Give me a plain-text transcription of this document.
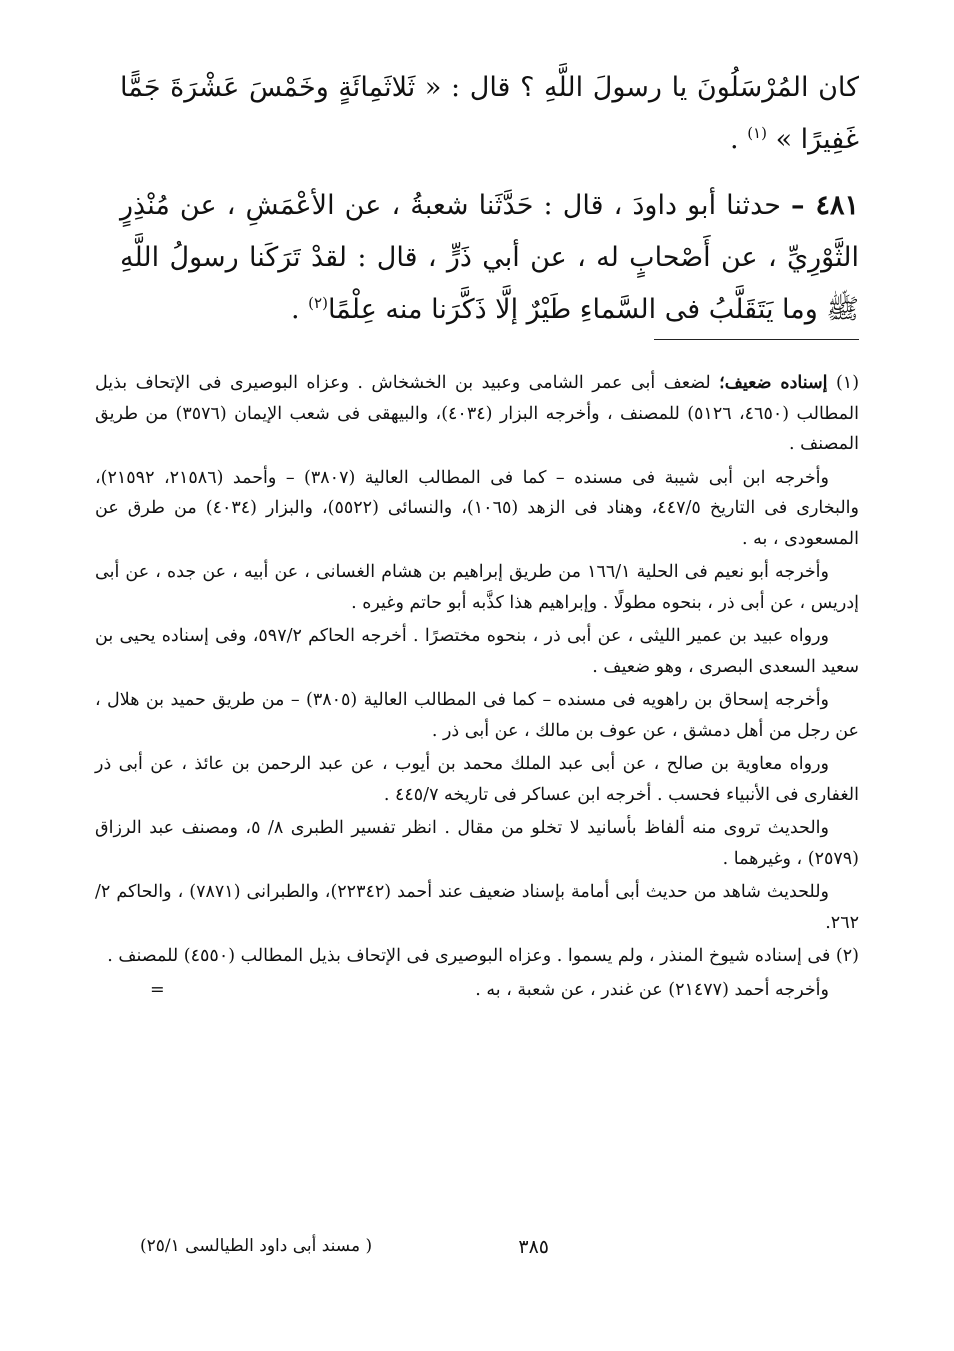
كان المُرْسَلُونَ يا رسولَ اللَّهِ ؟ قال : « ثَلاثَمِائَةٍ وخَمْسَ عَشْرَةَ جَمًّا غَفِيرًا » $^{(١)}$ .

٤٨١ – حدثنا أبو داودَ ، قال : حَدَّثَنا شعبةُ ، عن الأعْمَشِ ، عن مُنْذِرٍ الثَّوْرِيِّ ، عن أَصْحابٍ له ، عن أبي ذَرٍّ ، قال : لقدْ تَرَكَنا رسولُ اللَّهِ ﷺ وما يَتَقَلَّبُ فى السَّماءِ طَيْرٌ إلَّا ذَكَّرَنا منه عِلْمًا$^{(٢)}$ .

(١) إسناده ضعيف؛ لضعف أبى عمر الشامى وعبيد بن الخشخاش . وعزاه البوصيرى فى الإتحاف بذيل المطالب (٤٦٥٠، ٥١٢٦) للمصنف ، وأخرجه البزار (٤٠٣٤)، والبيهقى فى شعب الإيمان (٣٥٧٦) من طريق المصنف .

وأخرجه ابن أبى شيبة فى مسنده – كما فى المطالب العالية (٣٨٠٧) – وأحمد (٢١٥٨٦، ٢١٥٩٢)، والبخارى فى التاريخ ٤٤٧/٥، وهناد فى الزهد (١٠٦٥)، والنسائى (٥٥٢٢)، والبزار (٤٠٣٤) من طرق عن المسعودى ، به .

وأخرجه أبو نعيم فى الحلية ١٦٦/١ من طريق إبراهيم بن هشام الغسانى ، عن أبيه ، عن جده ، عن أبى إدريس ، عن أبى ذر ، بنحوه مطولًا . وإبراهيم هذا كذَّبه أبو حاتم وغيره .

ورواه عبيد بن عمير الليثى ، عن أبى ذر ، بنحوه مختصرًا . أخرجه الحاكم ٥٩٧/٢، وفى إسناده يحيى بن سعيد السعدى البصرى ، وهو ضعيف .

وأخرجه إسحاق بن راهويه فى مسنده – كما فى المطالب العالية (٣٨٠٥) – من طريق حميد بن هلال ، عن رجل من أهل دمشق ، عن عوف بن مالك ، عن أبى ذر .

ورواه معاوية بن صالح ، عن أبى عبد الملك محمد بن أيوب ، عن عبد الرحمن بن عائذ ، عن أبى ذر الغفارى فى الأنبياء فحسب . أخرجه ابن عساكر فى تاريخه ٤٤٥/٧ .

والحديث تروى منه ألفاظ بأسانيد لا تخلو من مقال . انظر تفسير الطبرى ٨/ ٥، ومصنف عبد الرزاق (٢٥٧٩) ، وغيرهما .

وللحديث شاهد من حديث أبى أمامة بإسناد ضعيف عند أحمد (٢٢٣٤٢)، والطبرانى (٧٨٧١) ، والحاكم ٢/ ٢٦٢.

(٢) فى إسناده شيوخ المنذر ، ولم يسموا . وعزاه البوصيرى فى الإتحاف بذيل المطالب (٤٥٥٠) للمصنف .

وأخرجه أحمد (٢١٤٧٧) عن غندر ، عن شعبة ، به .
=
٣٨٥
( مسند أبى داود الطيالسى ٢٥/١)
